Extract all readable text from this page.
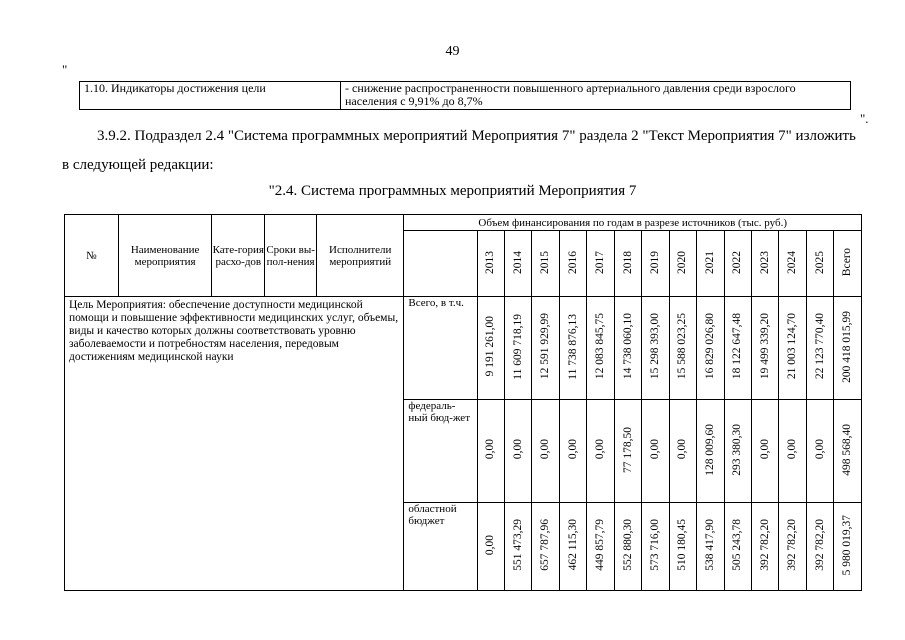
49
"
1.10. Индикаторы достижения цели	- снижение распространенности повышенного артериального давления среди взрослого населения с 9,91% до 8,7%
".
3.9.2. Подраздел 2.4 "Система программных мероприятий Мероприятия 7" раздела 2 "Текст Мероприятия 7" изложить
в следующей редакции:
"2.4. Система программных мероприятий Мероприятия 7
№	Наименование мероприятия	Кате-гория расхо-дов	Сроки вы-пол-нения	Исполнители мероприятий	Объем финансирования по годам в разрезе источников (тыс. руб.)														
						2013	2014	2015	2016	2017	2018	2019	2020	2021	2022	2023	2024	2025	Всего
Цель Мероприятия: обеспечение доступности медицинской помощи и повышение эффективности медицинских услуг, объемы, виды и качество которых должны соответствовать уровню заболеваемости и потребностям населения, передовым достижениям медицинской науки					Всего, в т.ч.	9 191 261,00	11 609 718,19	12 591 929,99	11 738 876,13	12 083 845,75	14 738 060,10	15 298 393,00	15 588 023,25	16 829 026,80	18 122 647,48	19 499 339,20	21 003 124,70	22 123 770,40	200 418 015,99

					федераль-ный бюд-жет	0,00	0,00	0,00	0,00	0,00	77 178,50	0,00	0,00	128 009,60	293 380,30	0,00	0,00	0,00	498 568,40

					областной бюджет	0,00	551 473,29	657 787,96	462 115,30	449 857,79	552 880,30	573 716,00	510 180,45	538 417,90	505 243,78	392 782,20	392 782,20	392 782,20	5 980 019,37
